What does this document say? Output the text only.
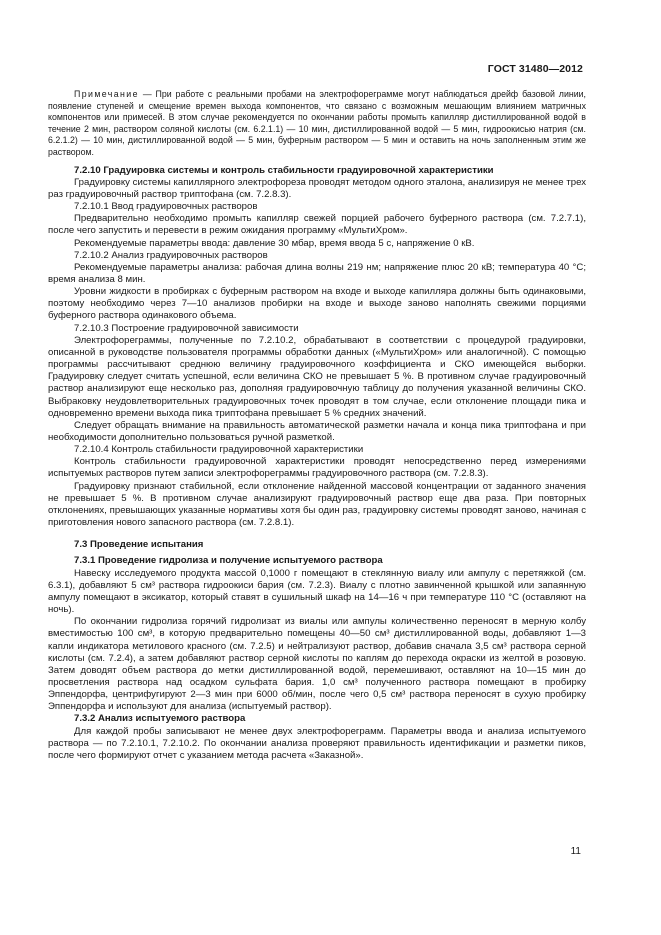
ГОСТ 31480—2012

Примечание — При работе с реальными пробами на электрофореграмме могут наблюдаться дрейф базовой линии, появление ступеней и смещение времен выхода компонентов, что связано с возможным мешающим влиянием матричных компонентов или примесей. В этом случае рекомендуется по окончании работы промыть капилляр дистиллированной водой в течение 2 мин, раствором соляной кислоты (см. 6.2.1.1) — 10 мин, дистиллированной водой — 5 мин, гидроокисью натрия (см. 6.2.1.2) — 10 мин, дистиллированной водой — 5 мин, буферным раствором — 5 мин и оставить на ночь заполненным этим же раствором.

7.2.10 Градуировка системы и контроль стабильности градуировочной характеристики

Градуировку системы капиллярного электрофореза проводят методом одного эталона, анализируя не менее трех раз градуировочный раствор триптофана (см. 7.2.8.3).

7.2.10.1 Ввод градуировочных растворов

Предварительно необходимо промыть капилляр свежей порцией рабочего буферного раствора (см. 7.2.7.1), после чего запустить и перевести в режим ожидания программу «МультиХром».

Рекомендуемые параметры ввода: давление 30 мбар, время ввода 5 с, напряжение 0 кВ.

7.2.10.2 Анализ градуировочных растворов

Рекомендуемые параметры анализа: рабочая длина волны 219 нм; напряжение плюс 20 кВ; температура 40 °C; время анализа 8 мин.

Уровни жидкости в пробирках с буферным раствором на входе и выходе капилляра должны быть одинаковыми, поэтому необходимо через 7—10 анализов пробирки на входе и выходе заново наполнять свежими порциями буферного раствора одинакового объема.

7.2.10.3 Построение градуировочной зависимости

Электрофореграммы, полученные по 7.2.10.2, обрабатывают в соответствии с процедурой градуировки, описанной в руководстве пользователя программы обработки данных («МультиХром» или аналогичной). С помощью программы рассчитывают среднюю величину градуировочного коэффициента и СКО имеющейся выборки. Градуировку следует считать успешной, если величина СКО не превышает 5 %. В противном случае градуировочный раствор анализируют еще несколько раз, дополняя градуировочную таблицу до получения указанной величины СКО. Выбраковку неудовлетворительных градуировочных точек проводят в том случае, если отклонение площади пика и одновременно времени выхода пика триптофана превышает 5 % средних значений.

Следует обращать внимание на правильность автоматической разметки начала и конца пика триптофана и при необходимости дополнительно пользоваться ручной разметкой.

7.2.10.4 Контроль стабильности градуировочной характеристики

Контроль стабильности градуировочной характеристики проводят непосредственно перед измерениями испытуемых растворов путем записи электрофореграммы градуировочного раствора (см. 7.2.8.3).

Градуировку признают стабильной, если отклонение найденной массовой концентрации от заданного значения не превышает 5 %. В противном случае анализируют градуировочный раствор еще два раза. При повторных отклонениях, превышающих указанные нормативы хотя бы один раз, градуировку системы проводят заново, начиная с приготовления нового запасного раствора (см. 7.2.8.1).

7.3 Проведение испытания

7.3.1 Проведение гидролиза и получение испытуемого раствора

Навеску исследуемого продукта массой 0,1000 г помещают в стеклянную виалу или ампулу с перетяжкой (см. 6.3.1), добавляют 5 см³ раствора гидроокиси бария (см. 7.2.3). Виалу с плотно завинченной крышкой или запаянную ампулу помещают в эксикатор, который ставят в сушильный шкаф на 14—16 ч при температуре 110 °C (оставляют на ночь).

По окончании гидролиза горячий гидролизат из виалы или ампулы количественно переносят в мерную колбу вместимостью 100 см³, в которую предварительно помещены 40—50 см³ дистиллированной воды, добавляют 1—3 капли индикатора метилового красного (см. 7.2.5) и нейтрализуют раствор, добавив сначала 3,5 см³ раствора серной кислоты (см. 7.2.4), а затем добавляют раствор серной кислоты по каплям до перехода окраски из желтой в розовую. Затем доводят объем раствора до метки дистиллированной водой, перемешивают, оставляют на 10—15 мин до просветления раствора над осадком сульфата бария. 1,0 см³ полученного раствора помещают в пробирку Эппендорфа, центрифугируют 2—3 мин при 6000 об/мин, после чего 0,5 см³ раствора переносят в сухую пробирку Эппендорфа и используют для анализа (испытуемый раствор).

7.3.2 Анализ испытуемого раствора

Для каждой пробы записывают не менее двух электрофореграмм. Параметры ввода и анализа испытуемого раствора — по 7.2.10.1, 7.2.10.2. По окончании анализа проверяют правильность идентификации и разметки пиков, после чего формируют отчет с указанием метода расчета «Заказной».

11
